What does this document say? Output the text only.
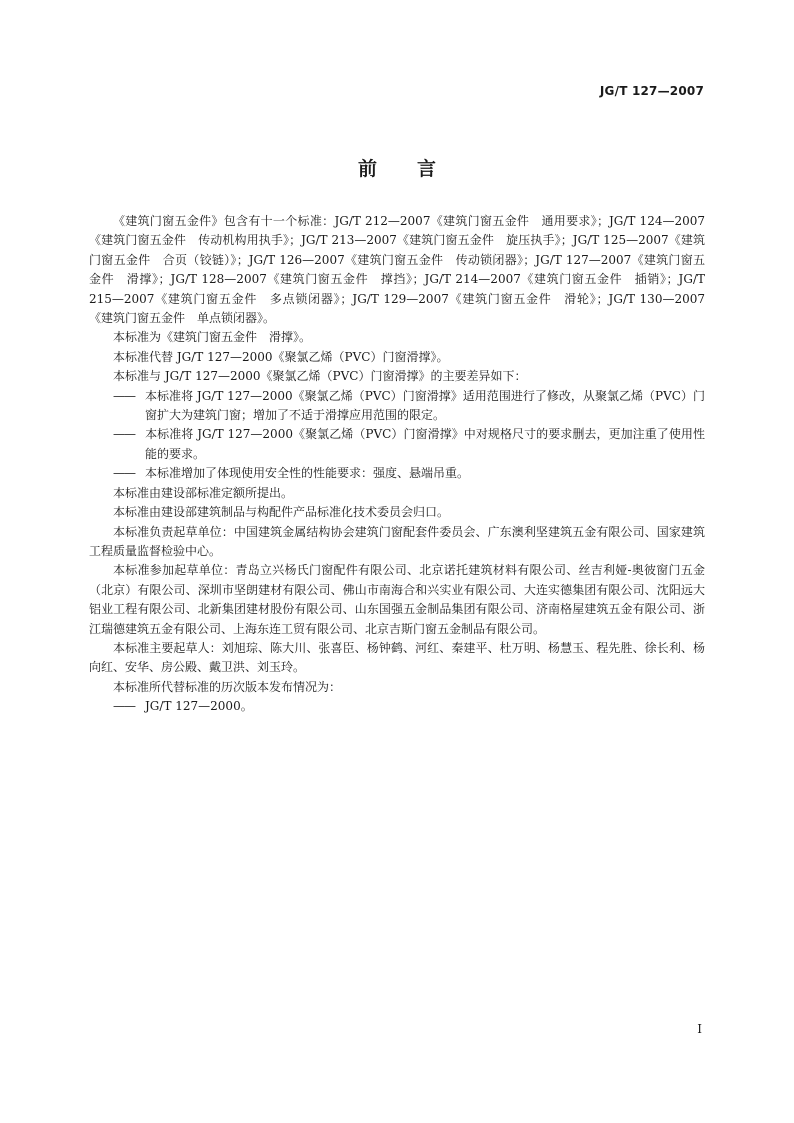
JG/T 127—2007
前言

《建筑门窗五金件》包含有十一个标准：JG/T 212—2007《建筑门窗五金件　通用要求》；JG/T 124—2007《建筑门窗五金件　传动机构用执手》；JG/T 213—2007《建筑门窗五金件　旋压执手》；JG/T 125—2007《建筑门窗五金件　合页（铰链）》；JG/T 126—2007《建筑门窗五金件　传动锁闭器》；JG/T 127—2007《建筑门窗五金件　滑撑》；JG/T 128—2007《建筑门窗五金件　撑挡》；JG/T 214—2007《建筑门窗五金件　插销》；JG/T 215—2007《建筑门窗五金件　多点锁闭器》；JG/T 129—2007《建筑门窗五金件　滑轮》；JG/T 130—2007《建筑门窗五金件　单点锁闭器》。

本标准为《建筑门窗五金件　滑撑》。

本标准代替 JG/T 127—2000《聚氯乙烯（PVC）门窗滑撑》。

本标准与 JG/T 127—2000《聚氯乙烯（PVC）门窗滑撑》的主要差异如下：

—— 本标准将 JG/T 127—2000《聚氯乙烯（PVC）门窗滑撑》适用范围进行了修改，从聚氯乙烯（PVC）门窗扩大为建筑门窗；增加了不适于滑撑应用范围的限定。

—— 本标准将 JG/T 127—2000《聚氯乙烯（PVC）门窗滑撑》中对规格尺寸的要求删去，更加注重了使用性能的要求。

—— 本标准增加了体现使用安全性的性能要求：强度、悬端吊重。

本标准由建设部标准定额所提出。

本标准由建设部建筑制品与构配件产品标准化技术委员会归口。

本标准负责起草单位：中国建筑金属结构协会建筑门窗配套件委员会、广东澳利坚建筑五金有限公司、国家建筑工程质量监督检验中心。

本标准参加起草单位：青岛立兴杨氏门窗配件有限公司、北京诺托建筑材料有限公司、丝吉利娅-奥彼窗门五金（北京）有限公司、深圳市坚朗建材有限公司、佛山市南海合和兴实业有限公司、大连实德集团有限公司、沈阳远大铝业工程有限公司、北新集团建材股份有限公司、山东国强五金制品集团有限公司、济南格屋建筑五金有限公司、浙江瑞德建筑五金有限公司、上海东连工贸有限公司、北京吉斯门窗五金制品有限公司。

本标准主要起草人：刘旭琮、陈大川、张喜臣、杨钟鹤、河红、秦建平、杜万明、杨慧玉、程先胜、徐长利、杨向红、安华、房公殿、戴卫洪、刘玉玲。

本标准所代替标准的历次版本发布情况为：

—— JG/T 127—2000。

I
